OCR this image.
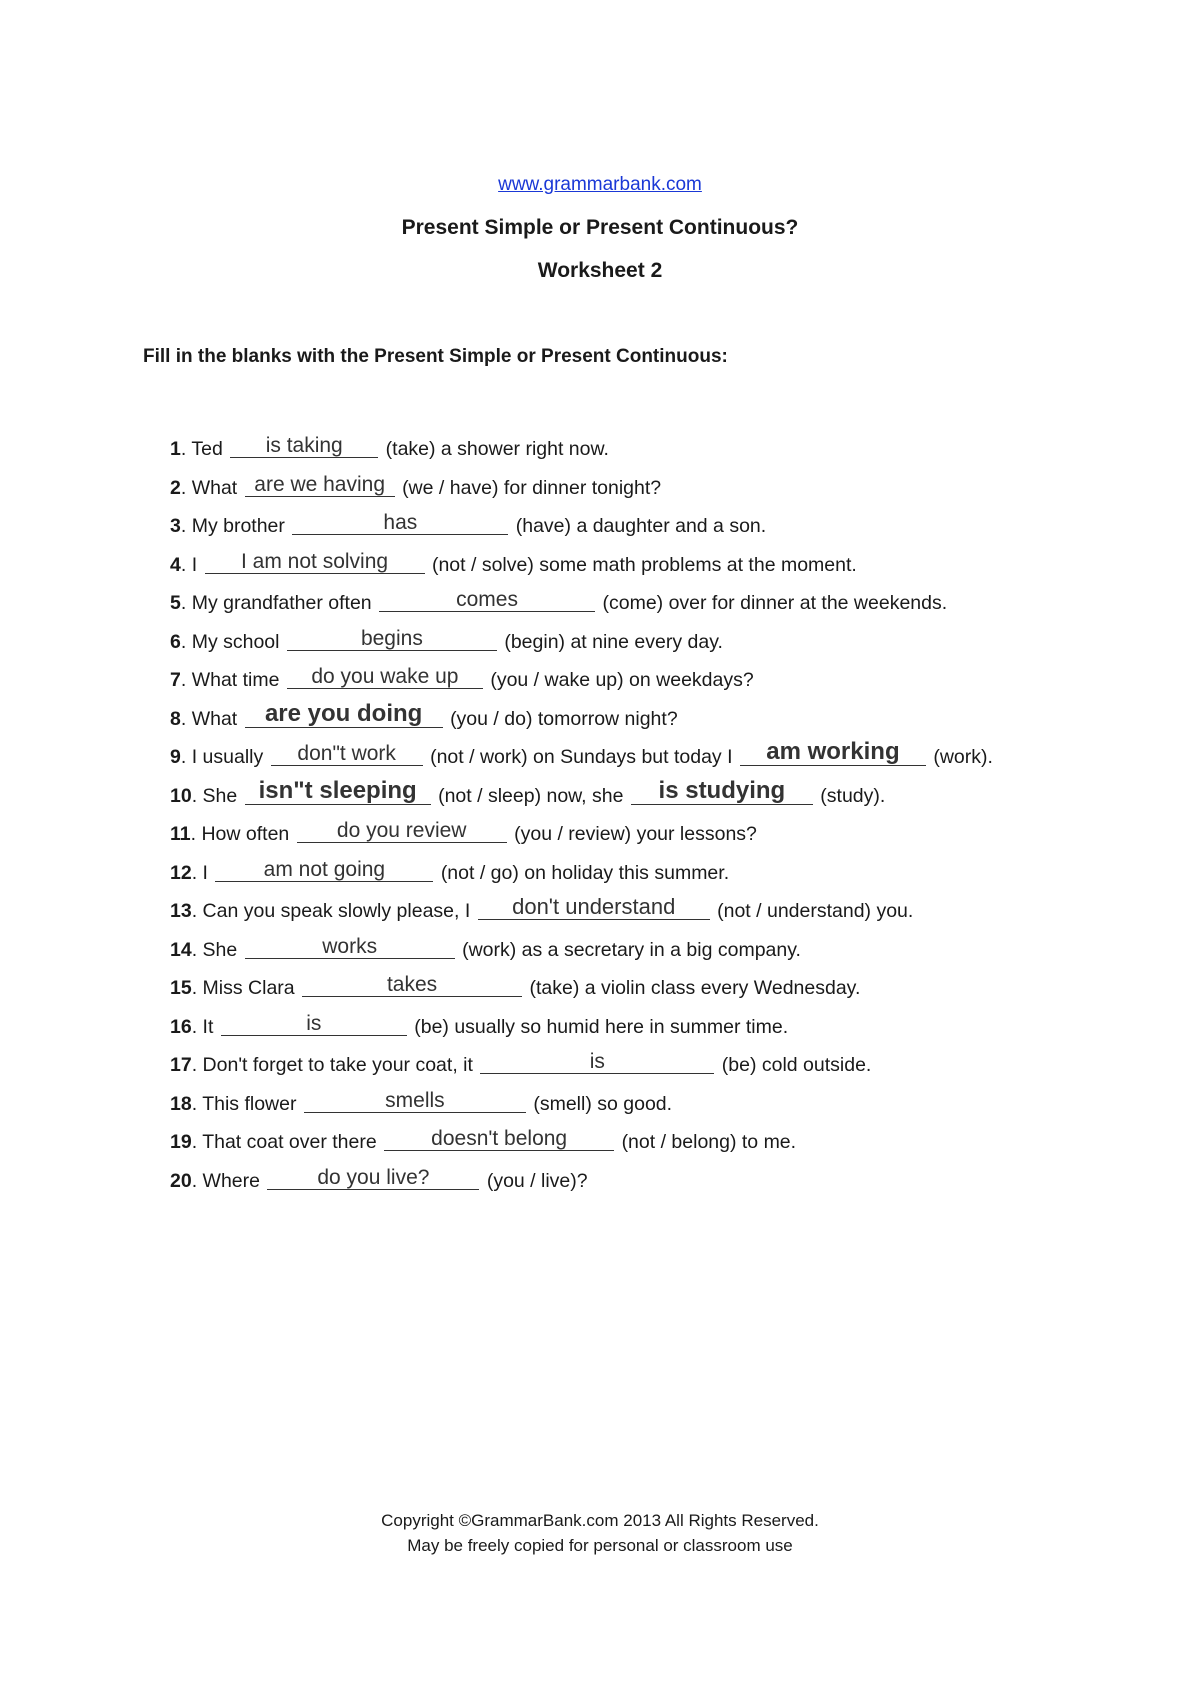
www.grammarbank.com
Present Simple or Present Continuous?
Worksheet 2
Fill in the blanks with the Present Simple or Present Continuous:
1. Ted	is taking	(take) a shower right now.
2. What are we having (we / have) for dinner tonight?
3. My brother	has	(have) a daughter and a son.
4. I	I am not solving	(not / solve) some math problems at the moment.
5. My grandfather often	comes	(come) over for dinner at the weekends.
6. My school	begins	(begin) at nine every day.
7. What time	do you wake up	(you / wake up) on weekdays?
8. What	are you doing	(you / do) tomorrow night?
9. I usually	don"t work	(not / work) on Sundays but today I	am working	(work).
10. She isn"t sleeping	(not / sleep) now, she	is studying	(study).
11. How often	do you review	(you / review) your lessons?
12. I	am not going	(not / go) on holiday this summer.
13. Can you speak slowly please, I	don't understand	(not / understand) you.
14. She	works	(work) as a secretary in a big company.
15. Miss Clara	takes	(take) a violin class every Wednesday.
16. It	is	(be) usually so humid here in summer time.
17. Don't forget to take your coat, it	is	(be) cold outside.
18. This flower	smells	(smell) so good.
19. That coat over there	doesn't belong	(not / belong) to me.
20. Where	do you live?	(you / live)?
Copyright ©GrammarBank.com 2013 All Rights Reserved.
May be freely copied for personal or classroom use
